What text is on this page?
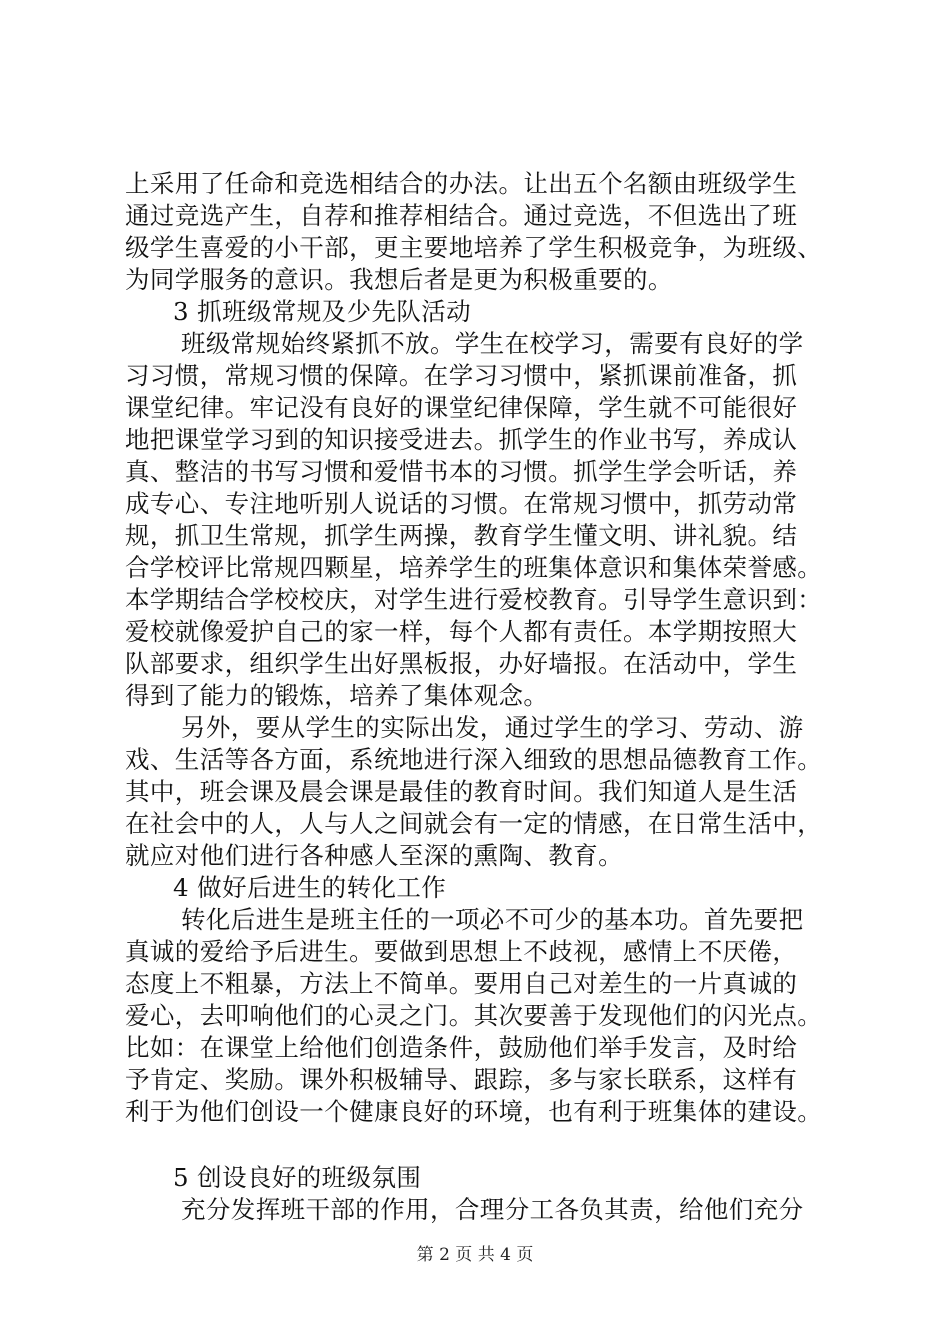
上采用了任命和竞选相结合的办法。让出五个名额由班级学生
通过竞选产生，自荐和推荐相结合。通过竞选，不但选出了班
级学生喜爱的小干部，更主要地培养了学生积极竞争，为班级、
为同学服务的意识。我想后者是更为积极重要的。
3 抓班级常规及少先队活动
班级常规始终紧抓不放。学生在校学习，需要有良好的学
习习惯，常规习惯的保障。在学习习惯中，紧抓课前准备，抓
课堂纪律。牢记没有良好的课堂纪律保障，学生就不可能很好
地把课堂学习到的知识接受进去。抓学生的作业书写，养成认
真、整洁的书写习惯和爱惜书本的习惯。抓学生学会听话，养
成专心、专注地听别人说话的习惯。在常规习惯中，抓劳动常
规，抓卫生常规，抓学生两操，教育学生懂文明、讲礼貌。结
合学校评比常规四颗星，培养学生的班集体意识和集体荣誉感。
本学期结合学校校庆，对学生进行爱校教育。引导学生意识到：
爱校就像爱护自己的家一样，每个人都有责任。本学期按照大
队部要求，组织学生出好黑板报，办好墙报。在活动中，学生
得到了能力的锻炼，培养了集体观念。
另外，要从学生的实际出发，通过学生的学习、劳动、游
戏、生活等各方面，系统地进行深入细致的思想品德教育工作。
其中，班会课及晨会课是最佳的教育时间。我们知道人是生活
在社会中的人，人与人之间就会有一定的情感，在日常生活中，
就应对他们进行各种感人至深的熏陶、教育。
4 做好后进生的转化工作
转化后进生是班主任的一项必不可少的基本功。首先要把
真诚的爱给予后进生。要做到思想上不歧视，感情上不厌倦，
态度上不粗暴，方法上不简单。要用自己对差生的一片真诚的
爱心，去叩响他们的心灵之门。其次要善于发现他们的闪光点。
比如：在课堂上给他们创造条件，鼓励他们举手发言，及时给
予肯定、奖励。课外积极辅导、跟踪，多与家长联系，这样有
利于为他们创设一个健康良好的环境，也有利于班集体的建设。
5 创设良好的班级氛围
充分发挥班干部的作用，合理分工各负其责，给他们充分
第 2 页 共 4 页
